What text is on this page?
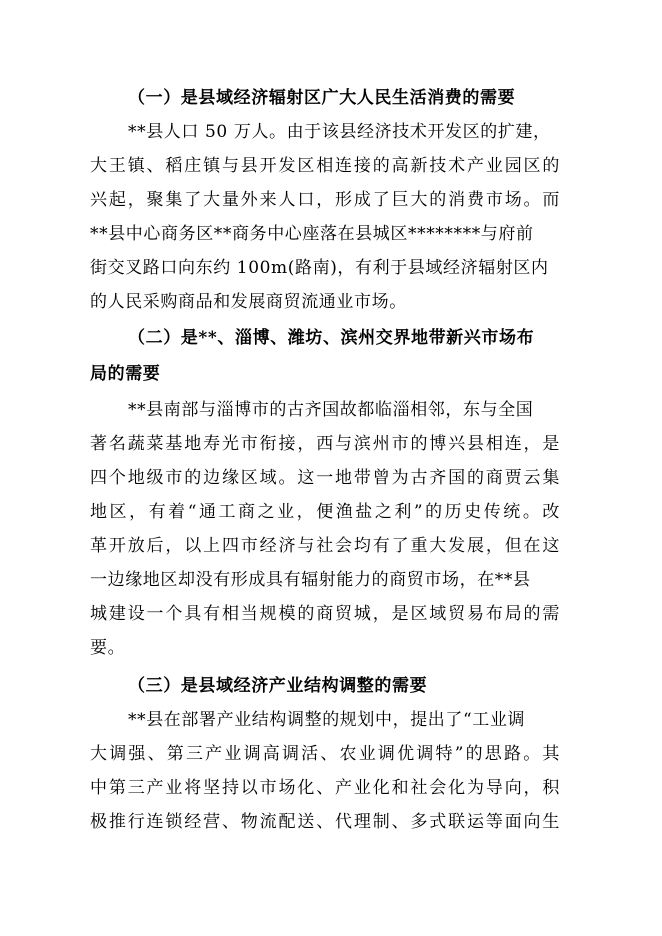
（一）是县域经济辐射区广大人民生活消费的需要
**县人口 50 万人。由于该县经济技术开发区的扩建，
大王镇、稻庄镇与县开发区相连接的高新技术产业园区的
兴起，聚集了大量外来人口，形成了巨大的消费市场。而
**县中心商务区**商务中心座落在县城区********与府前
街交叉路口向东约 100m(路南)，有利于县域经济辐射区内
的人民采购商品和发展商贸流通业市场。
（二）是**、淄博、潍坊、滨州交界地带新兴市场布
局的需要
**县南部与淄博市的古齐国故都临淄相邻，东与全国
著名蔬菜基地寿光市衔接，西与滨州市的博兴县相连，是
四个地级市的边缘区域。这一地带曾为古齐国的商贾云集
地区，有着“通工商之业，便渔盐之利”的历史传统。改
革开放后，以上四市经济与社会均有了重大发展，但在这
一边缘地区却没有形成具有辐射能力的商贸市场，在**县
城建设一个具有相当规模的商贸城，是区域贸易布局的需
要。
（三）是县域经济产业结构调整的需要
**县在部署产业结构调整的规划中，提出了“工业调
大调强、第三产业调高调活、农业调优调特”的思路。其
中第三产业将坚持以市场化、产业化和社会化为导向，积
极推行连锁经营、物流配送、代理制、多式联运等面向生
